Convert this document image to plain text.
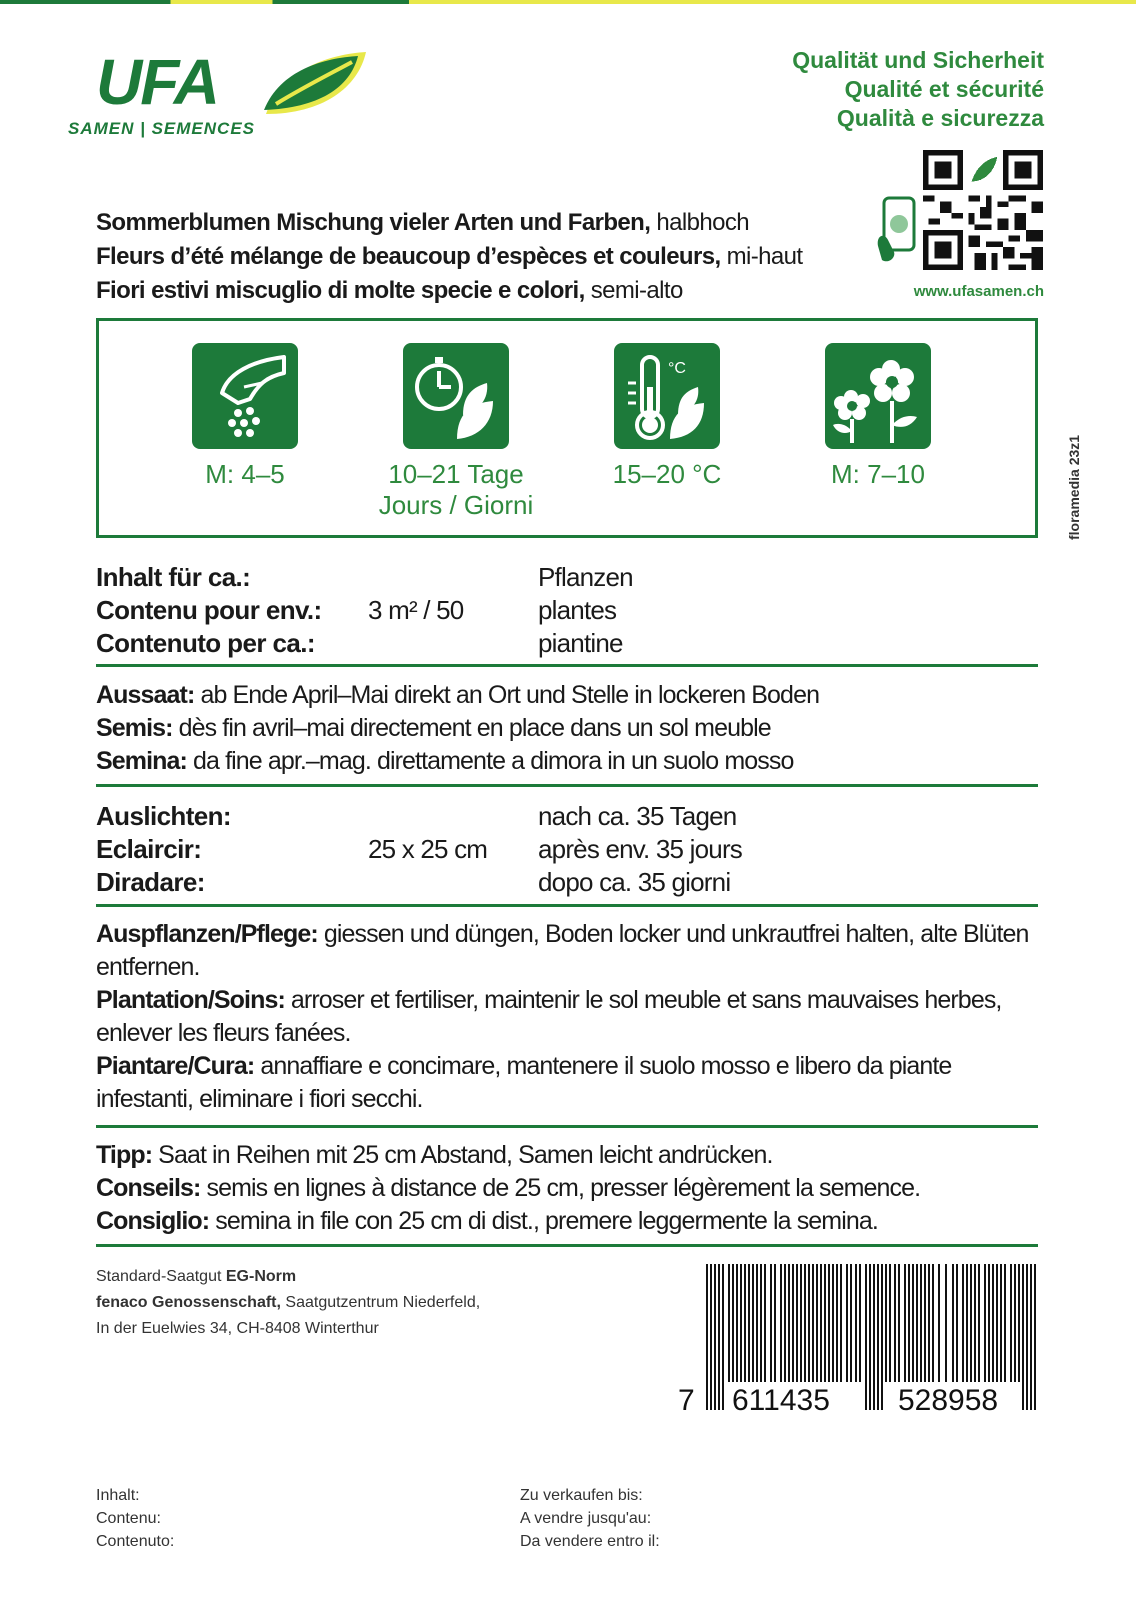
UFA
SAMEN | SEMENCES
Qualität und Sicherheit
Qualité et sécurité
Qualità e sicurezza
www.ufasamen.ch
Sommerblumen Mischung vieler Arten und Farben, halbhoch
Fleurs d’été mélange de beaucoup d’espèces et couleurs, mi-haut
Fiori estivi miscuglio di molte specie e colori, semi-alto
floramedia 23z1
°C
M: 4–5	10–21 Tage
Jours / Giorni
15–20 °C	M: 7–10
Inhalt für ca.:
Contenu pour env.:
Contenuto per ca.:
3 m² / 50
Pflanzen
plantes
piantine
Aussaat: ab Ende April–Mai direkt an Ort und Stelle in lockeren Boden
Semis: dès fin avril–mai directement en place dans un sol meuble
Semina: da fine apr.–mag. direttamente a dimora in un suolo mosso
Auslichten:
Eclaircir:
Diradare:
25 x 25 cm
nach ca. 35 Tagen
après env. 35 jours
dopo ca. 35 giorni
Auspflanzen/Pflege: giessen und düngen, Boden locker und unkrautfrei halten, alte Blüten entfernen.
Plantation/Soins: arroser et fertiliser, maintenir le sol meuble et sans mauvaises herbes, enlever les fleurs fanées.
Piantare/Cura: annaffiare e concimare, mantenere il suolo mosso e libero da piante infestanti, eliminare i fiori secchi.
Tipp: Saat in Reihen mit 25 cm Abstand, Samen leicht andrücken.
Conseils: semis en lignes à distance de 25 cm, presser légèrement la semence.
Consiglio: semina in file con 25 cm di dist., premere leggermente la semina.
Standard-Saatgut EG-Norm
fenaco Genossenschaft, Saatgutzentrum Niederfeld,
In der Euelwies 34, CH-8408 Winterthur
7 611435 528958
Inhalt:
Contenu:
Contenuto:
Zu verkaufen bis:
A vendre jusqu'au:
Da vendere entro il:
